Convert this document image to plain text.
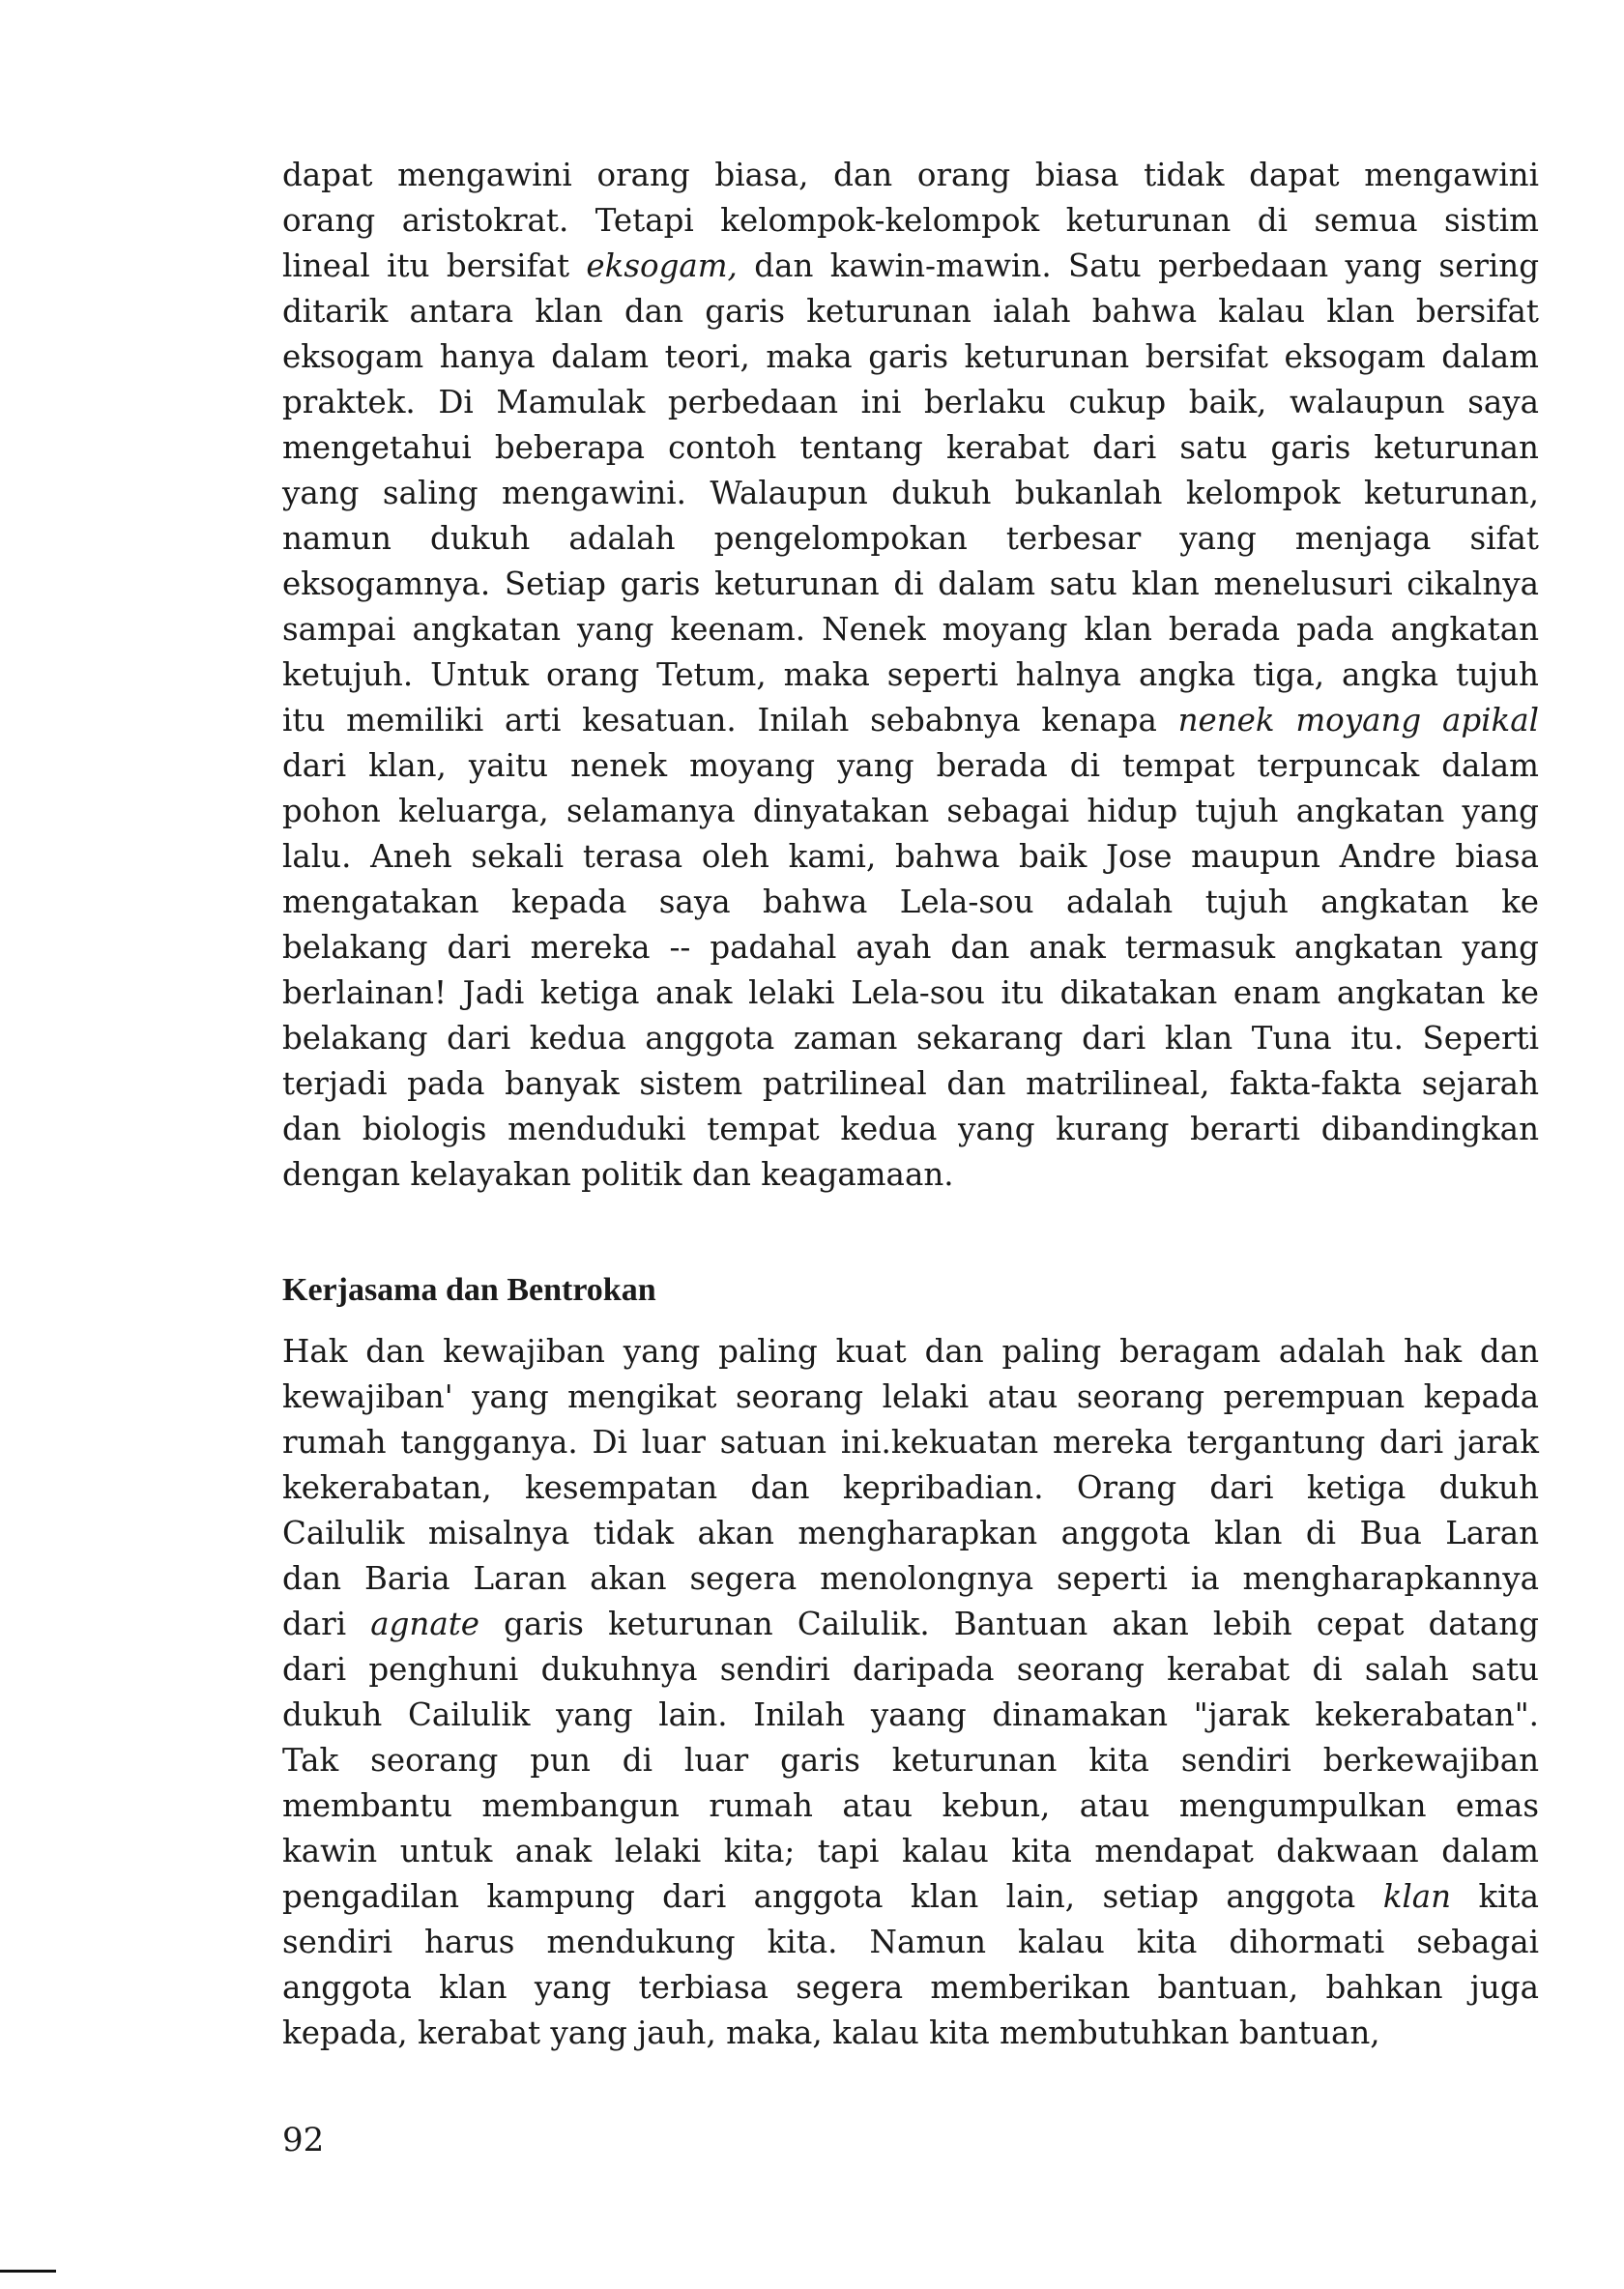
dapat mengawini orang biasa, dan orang biasa tidak dapat mengawini
orang aristokrat. Tetapi kelompok-kelompok keturunan di semua sistim
lineal itu bersifat eksogam, dan kawin-mawin. Satu perbedaan yang sering
ditarik antara klan dan garis keturunan ialah bahwa kalau klan bersifat
eksogam hanya dalam teori, maka garis keturunan bersifat eksogam dalam
praktek. Di Mamulak perbedaan ini berlaku cukup baik, walaupun saya
mengetahui beberapa contoh tentang kerabat dari satu garis keturunan
yang saling mengawini. Walaupun dukuh bukanlah kelompok keturunan,
namun dukuh adalah pengelompokan terbesar yang menjaga sifat
eksogamnya. Setiap garis keturunan di dalam satu klan menelusuri cikalnya
sampai angkatan yang keenam. Nenek moyang klan berada pada angkatan
ketujuh. Untuk orang Tetum, maka seperti halnya angka tiga, angka tujuh
itu memiliki arti kesatuan. Inilah sebabnya kenapa nenek moyang apikal
dari klan, yaitu nenek moyang yang berada di tempat terpuncak dalam
pohon keluarga, selamanya dinyatakan sebagai hidup tujuh angkatan yang
lalu. Aneh sekali terasa oleh kami, bahwa baik Jose maupun Andre biasa
mengatakan kepada saya bahwa Lela-sou adalah tujuh angkatan ke
belakang dari mereka -- padahal ayah dan anak termasuk angkatan yang
berlainan! Jadi ketiga anak lelaki Lela-sou itu dikatakan enam angkatan ke
belakang dari kedua anggota zaman sekarang dari klan Tuna itu. Seperti
terjadi pada banyak sistem patrilineal dan matrilineal, fakta-fakta sejarah
dan biologis menduduki tempat kedua yang kurang berarti dibandingkan
dengan kelayakan politik dan keagamaan.
Kerjasama dan Bentrokan
Hak dan kewajiban yang paling kuat dan paling beragam adalah hak dan
kewajiban' yang mengikat seorang lelaki atau seorang perempuan kepada
rumah tangganya. Di luar satuan ini.kekuatan mereka tergantung dari jarak
kekerabatan, kesempatan dan kepribadian. Orang dari ketiga dukuh
Cailulik misalnya tidak akan mengharapkan anggota klan di Bua Laran
dan Baria Laran akan segera menolongnya seperti ia mengharapkannya
dari agnate garis keturunan Cailulik. Bantuan akan lebih cepat datang
dari penghuni dukuhnya sendiri daripada seorang kerabat di salah satu
dukuh Cailulik yang lain. Inilah yaang dinamakan "jarak kekerabatan".
Tak seorang pun di luar garis keturunan kita sendiri berkewajiban
membantu membangun rumah atau kebun, atau mengumpulkan emas
kawin untuk anak lelaki kita; tapi kalau kita mendapat dakwaan dalam
pengadilan kampung dari anggota klan lain, setiap anggota klan kita
sendiri harus mendukung kita. Namun kalau kita dihormati sebagai
anggota klan yang terbiasa segera memberikan bantuan, bahkan juga
kepada, kerabat yang jauh, maka, kalau kita membutuhkan bantuan,
92
